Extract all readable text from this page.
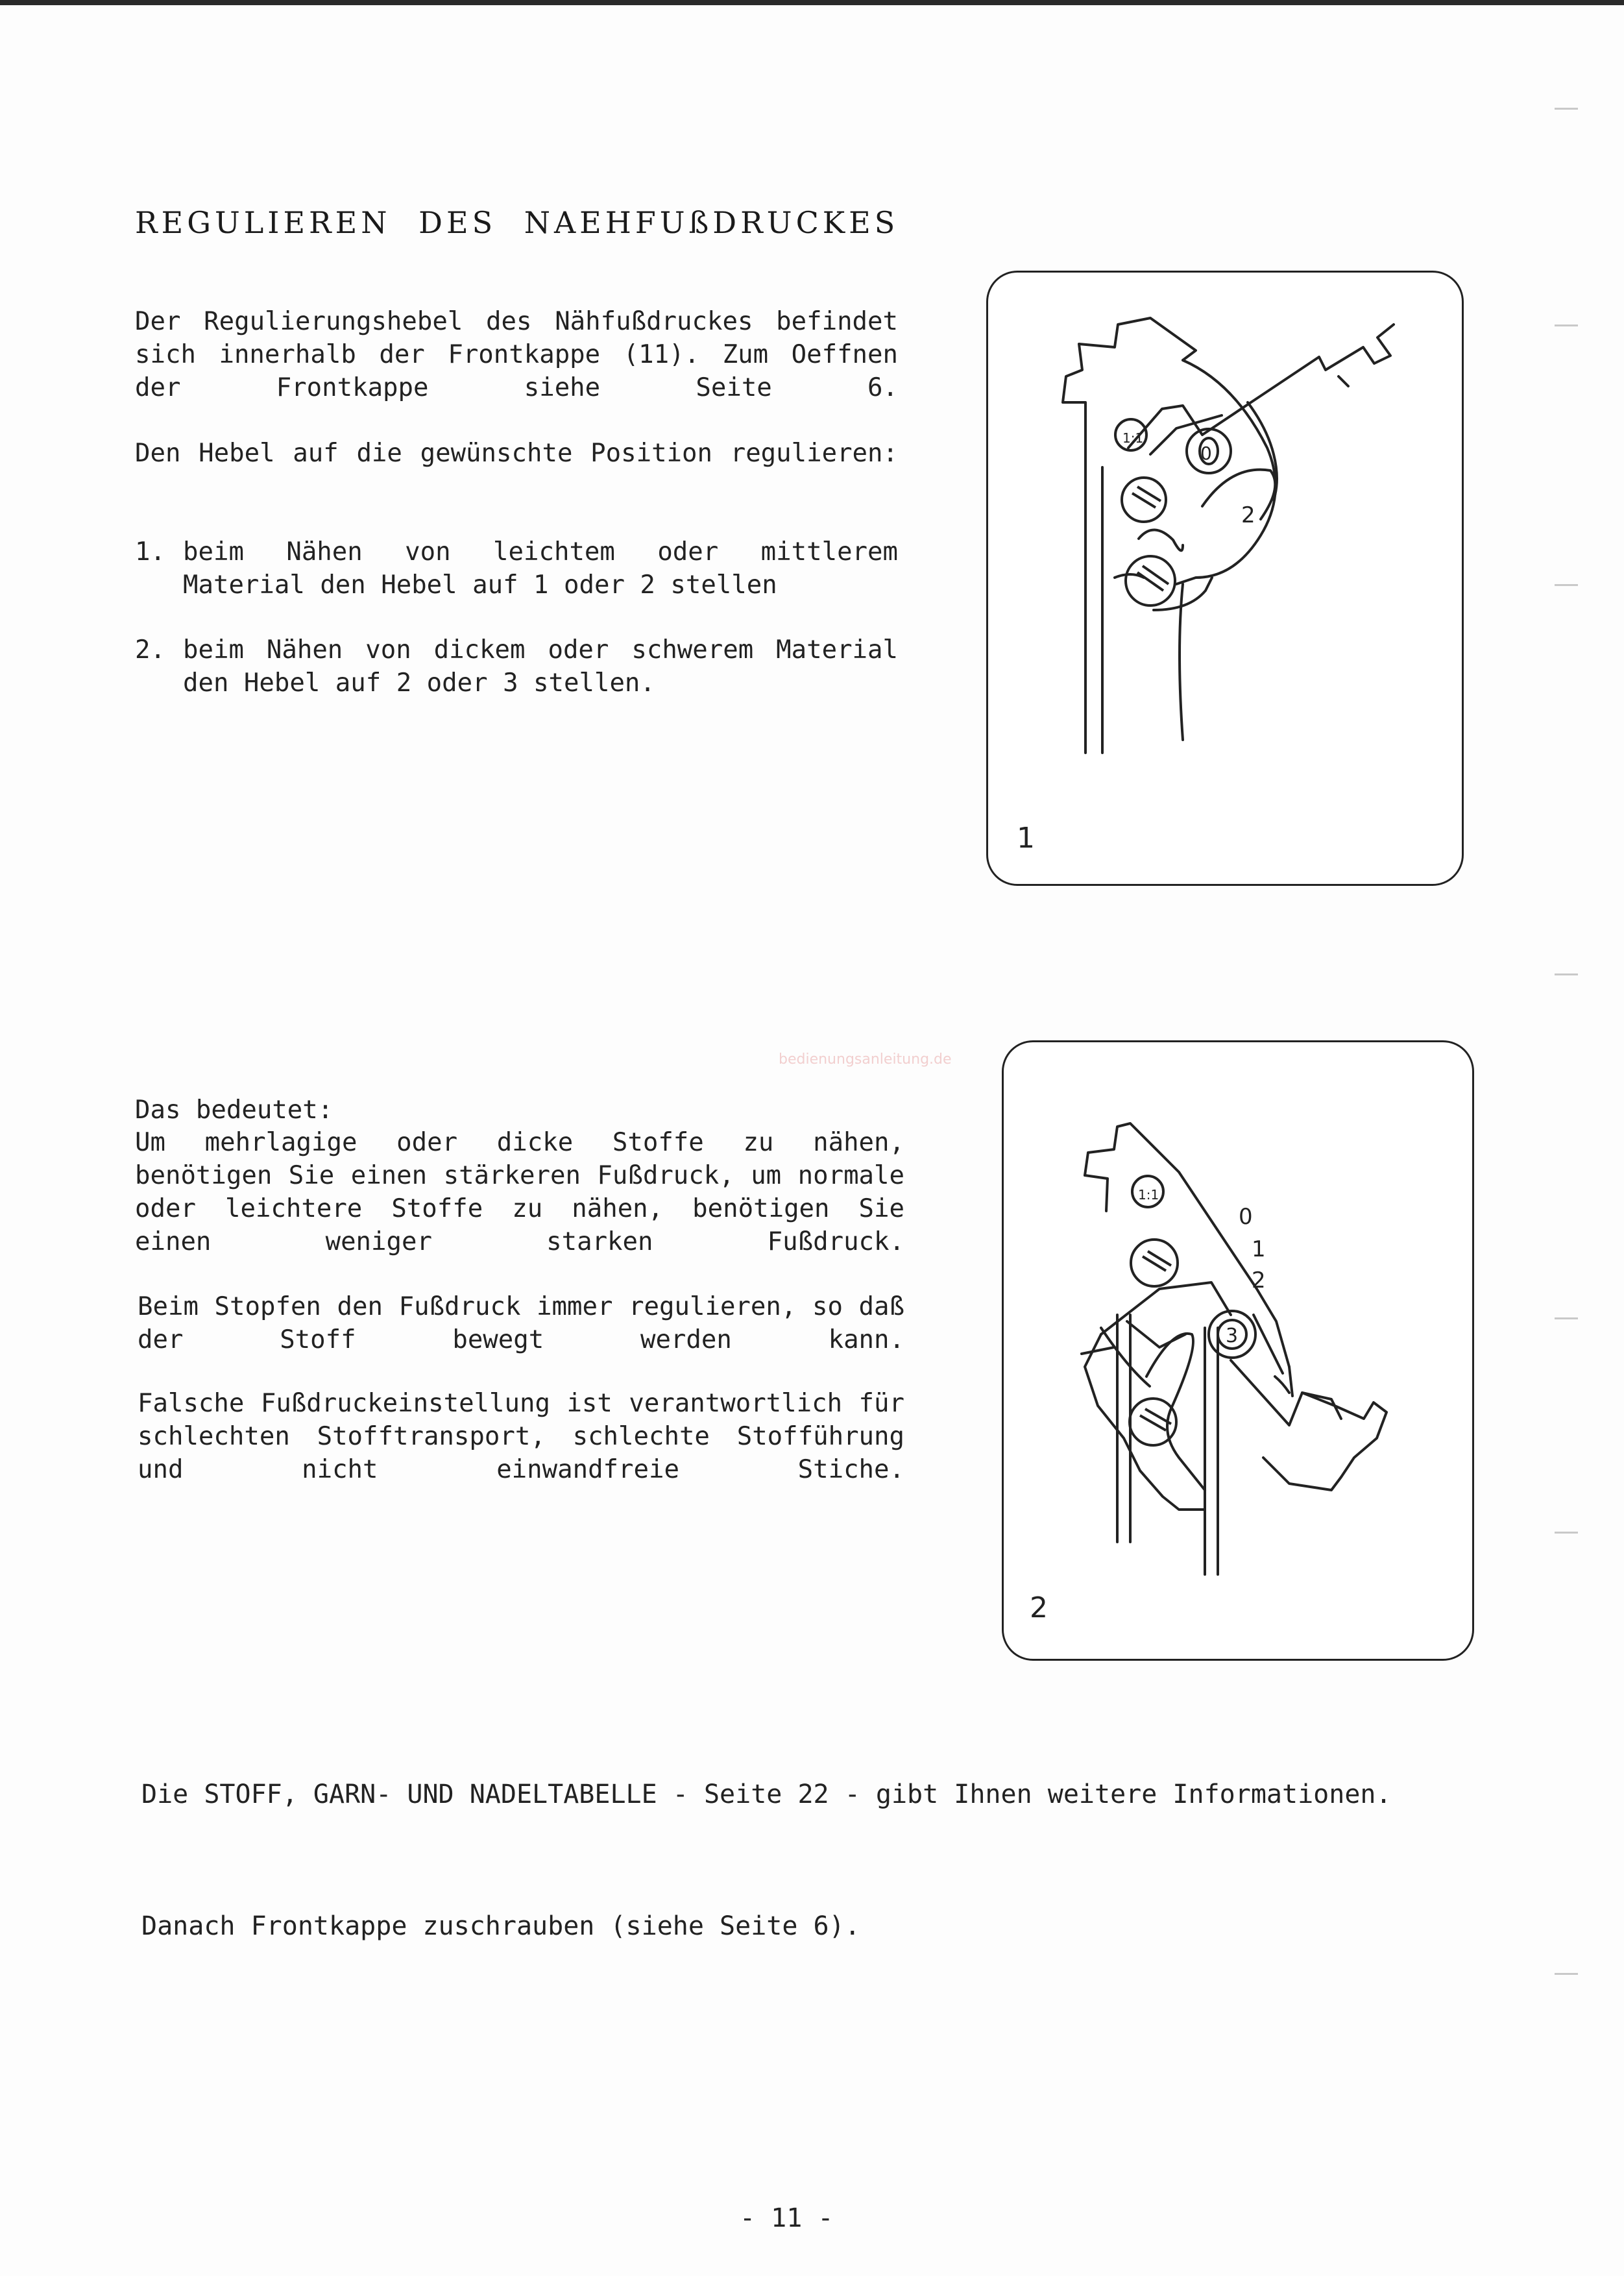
REGULIEREN DES NAEHFUßDRUCKES

Der Regulierungshebel des Nähfußdruckes befindet sich innerhalb der Frontkappe (11). Zum Oeffnen der Frontkappe siehe Seite 6.

Den Hebel auf die gewünschte Position regulieren:

1. beim Nähen von leichtem oder mittlerem Material den Hebel auf 1 oder 2 stellen

2. beim Nähen von dickem oder schwerem Material den Hebel auf 2 oder 3 stellen.

1:1
2
0
1
bedienungsanleitung.de

Das bedeutet:

Um mehrlagige oder dicke Stoffe zu nähen, benötigen Sie einen stärkeren Fußdruck, um normale oder leichtere Stoffe zu nähen, benötigen Sie einen weniger starken Fußdruck.

Beim Stopfen den Fußdruck immer regulieren, so daß der Stoff bewegt werden kann.

Falsche Fußdruckeinstellung ist verantwortlich für schlechten Stofftransport, schlechte Stofführung und nicht einwandfreie Stiche.

1:1
0
1
2
3
2

Die STOFF, GARN- UND NADELTABELLE - Seite 22 - gibt Ihnen weitere Informationen.

Danach Frontkappe zuschrauben (siehe Seite 6).

- 11 -
